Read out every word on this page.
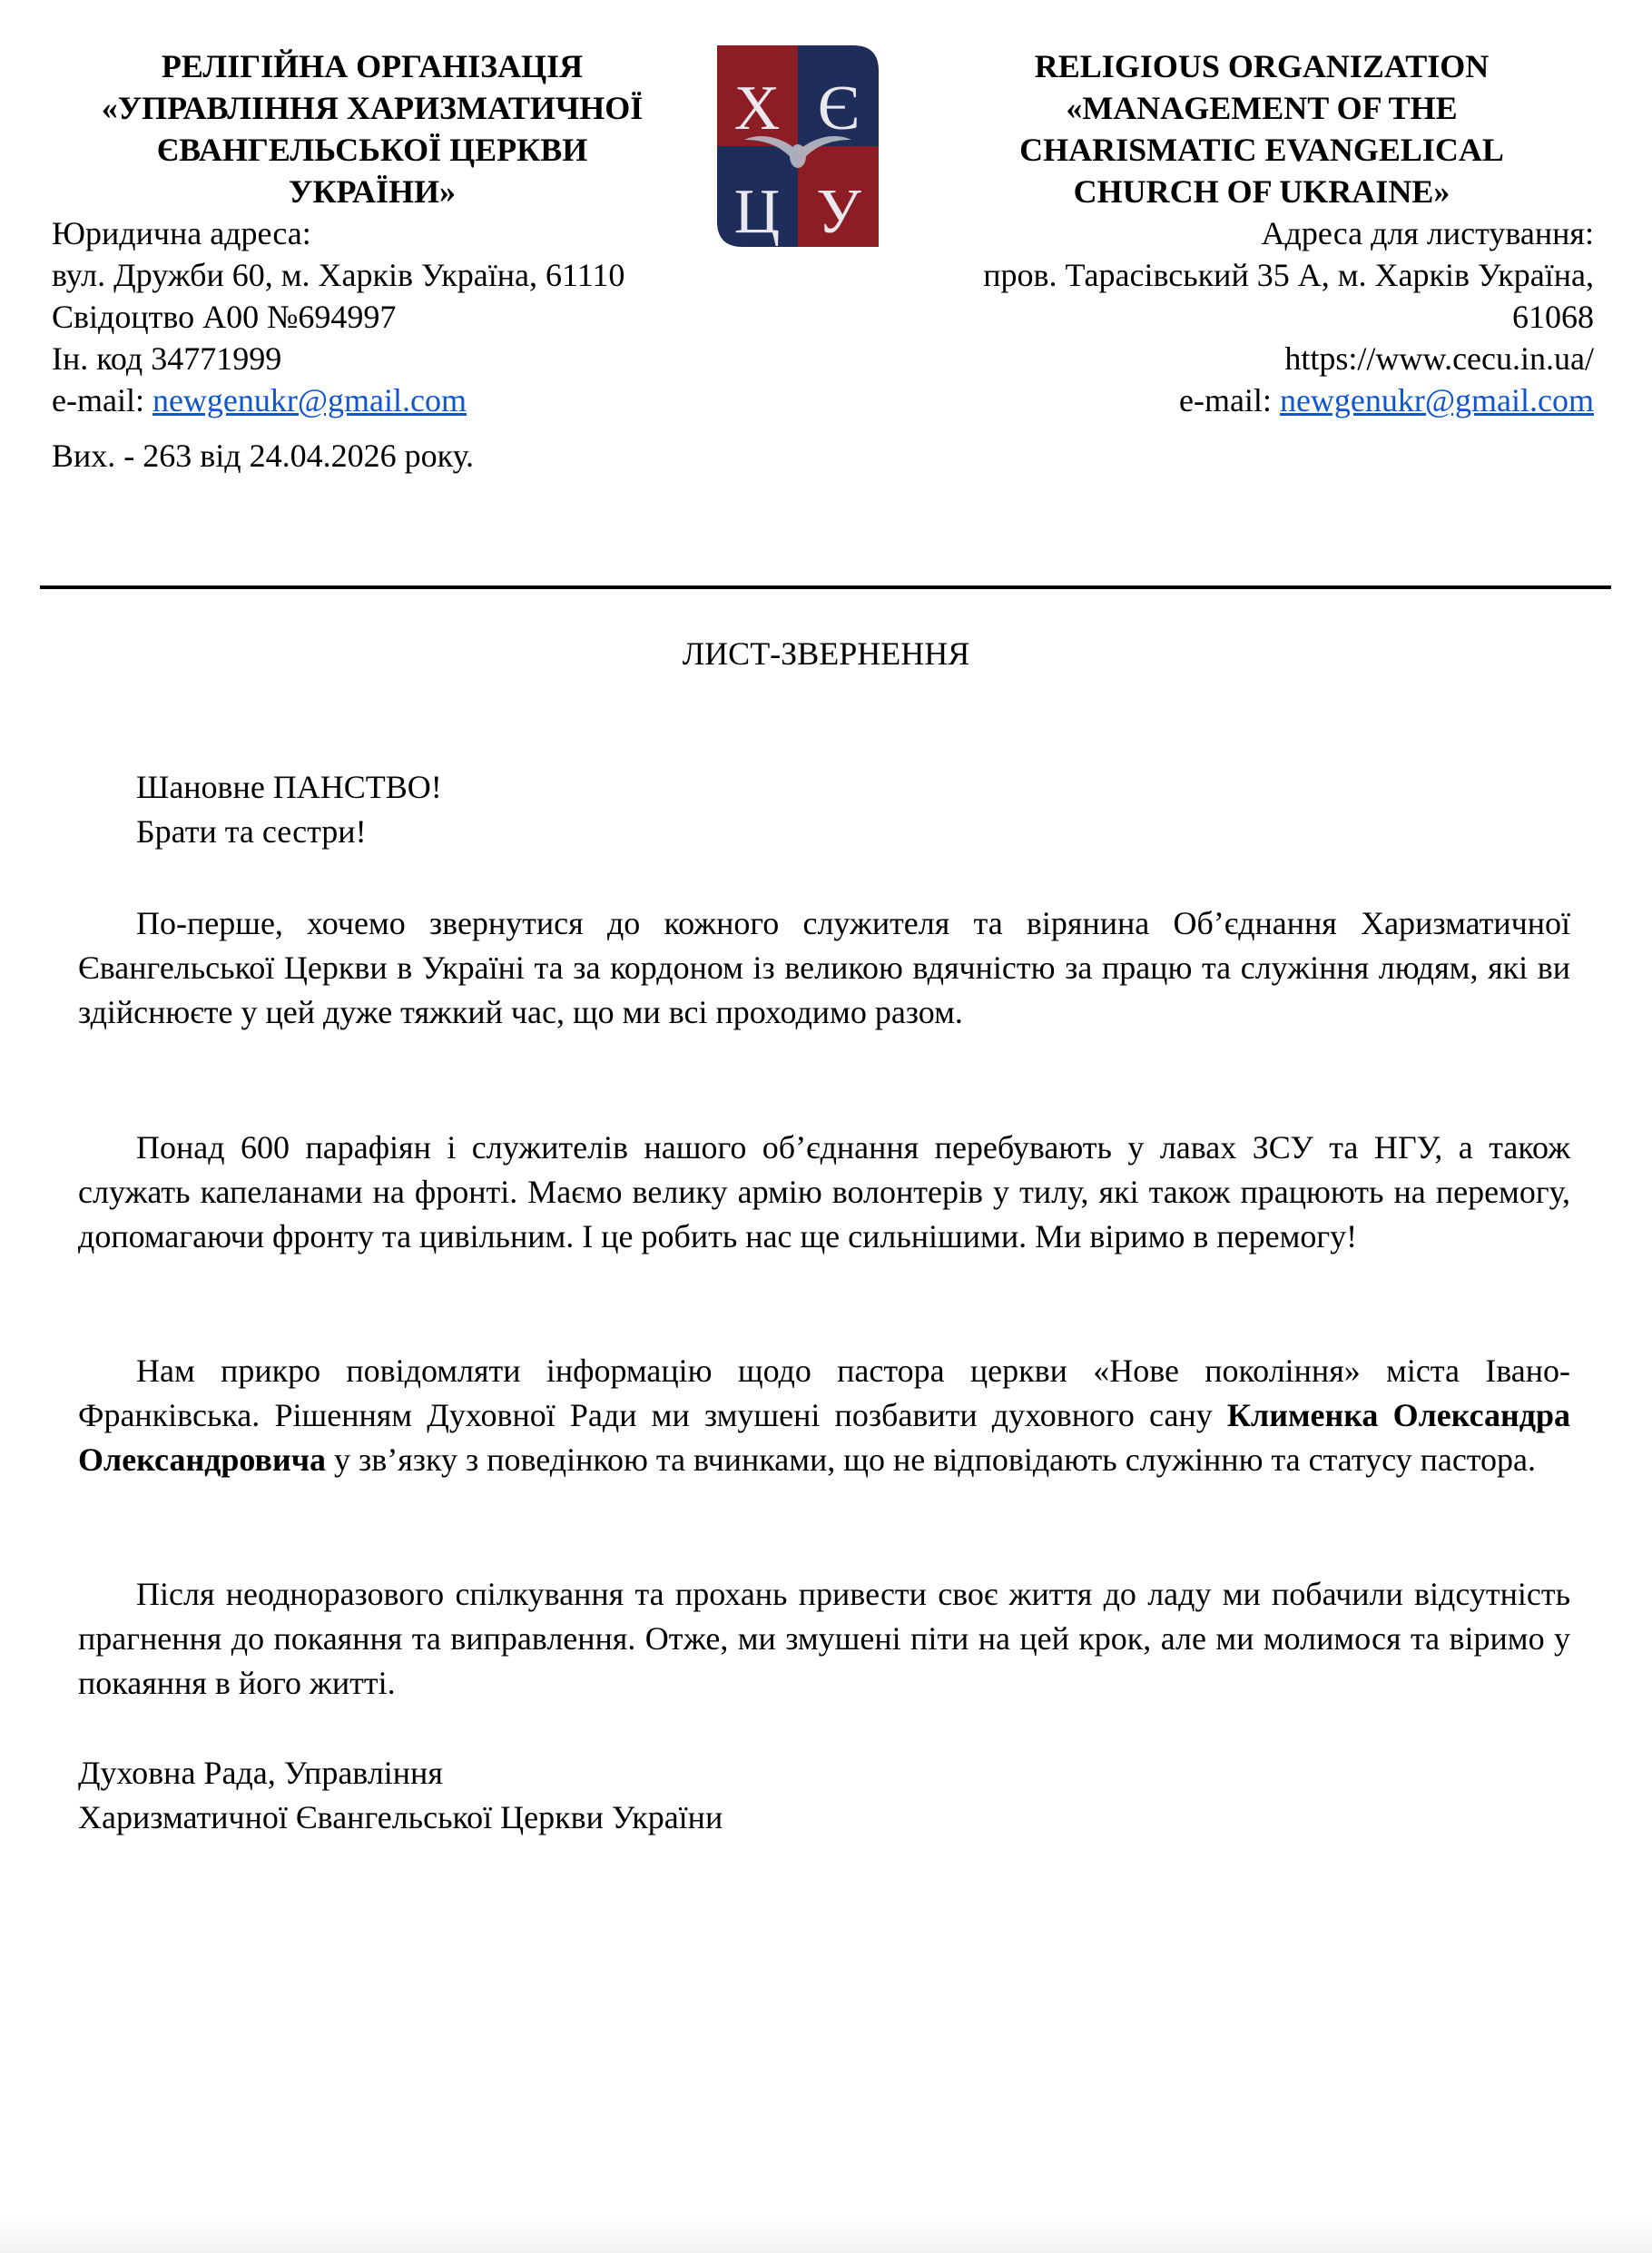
РЕЛІГІЙНА ОРГАНІЗАЦІЯ

«УПРАВЛІННЯ ХАРИЗМАТИЧНОЇ

ЄВАНГЕЛЬСЬКОЇ ЦЕРКВИ

УКРАЇНИ»

Юридична адреса:
вул. Дружби 60, м. Харків Україна, 61110
Свідоцтво А00 №694997
Ін. код 34771999
e-mail: newgenukr@gmail.com
Вих. - 263 від 24.04.2026 року.
Х Є
Ц У

RELIGIOUS ORGANIZATION

«MANAGEMENT OF THE

CHARISMATIC EVANGELICAL

CHURCH OF UKRAINE»

Адреса для листування:
пров. Тарасівський 35 А, м. Харків Україна,
61068
https://www.cecu.in.ua/
e-mail: newgenukr@gmail.com
ЛИСТ-ЗВЕРНЕННЯ

Шановне ПАНСТВО!

Брати та сестри!

По-перше, хочемо звернутися до кожного служителя та вірянина Об’єднання Харизматичної Євангельської Церкви в Україні та за кордоном із великою вдячністю за працю та служіння людям, які ви здійснюєте у цей дуже тяжкий час, що ми всі проходимо разом.

Понад 600 парафіян і служителів нашого об’єднання перебувають у лавах ЗСУ та НГУ, а також служать капеланами на фронті. Маємо велику армію волонтерів у тилу, які також працюють на перемогу, допомагаючи фронту та цивільним. І це робить нас ще сильнішими. Ми віримо в перемогу!

Нам прикро повідомляти інформацію щодо пастора церкви «Нове покоління» міста Івано-Франківська. Рішенням Духовної Ради ми змушені позбавити духовного сану Клименка Олександра Олександровича у зв’язку з поведінкою та вчинками, що не відповідають служінню та статусу пастора.

Після неодноразового спілкування та прохань привести своє життя до ладу ми побачили відсутність прагнення до покаяння та виправлення. Отже, ми змушені піти на цей крок, але ми молимося та віримо у покаяння в його житті.

Духовна Рада, Управління

Харизматичної Євангельської Церкви України
